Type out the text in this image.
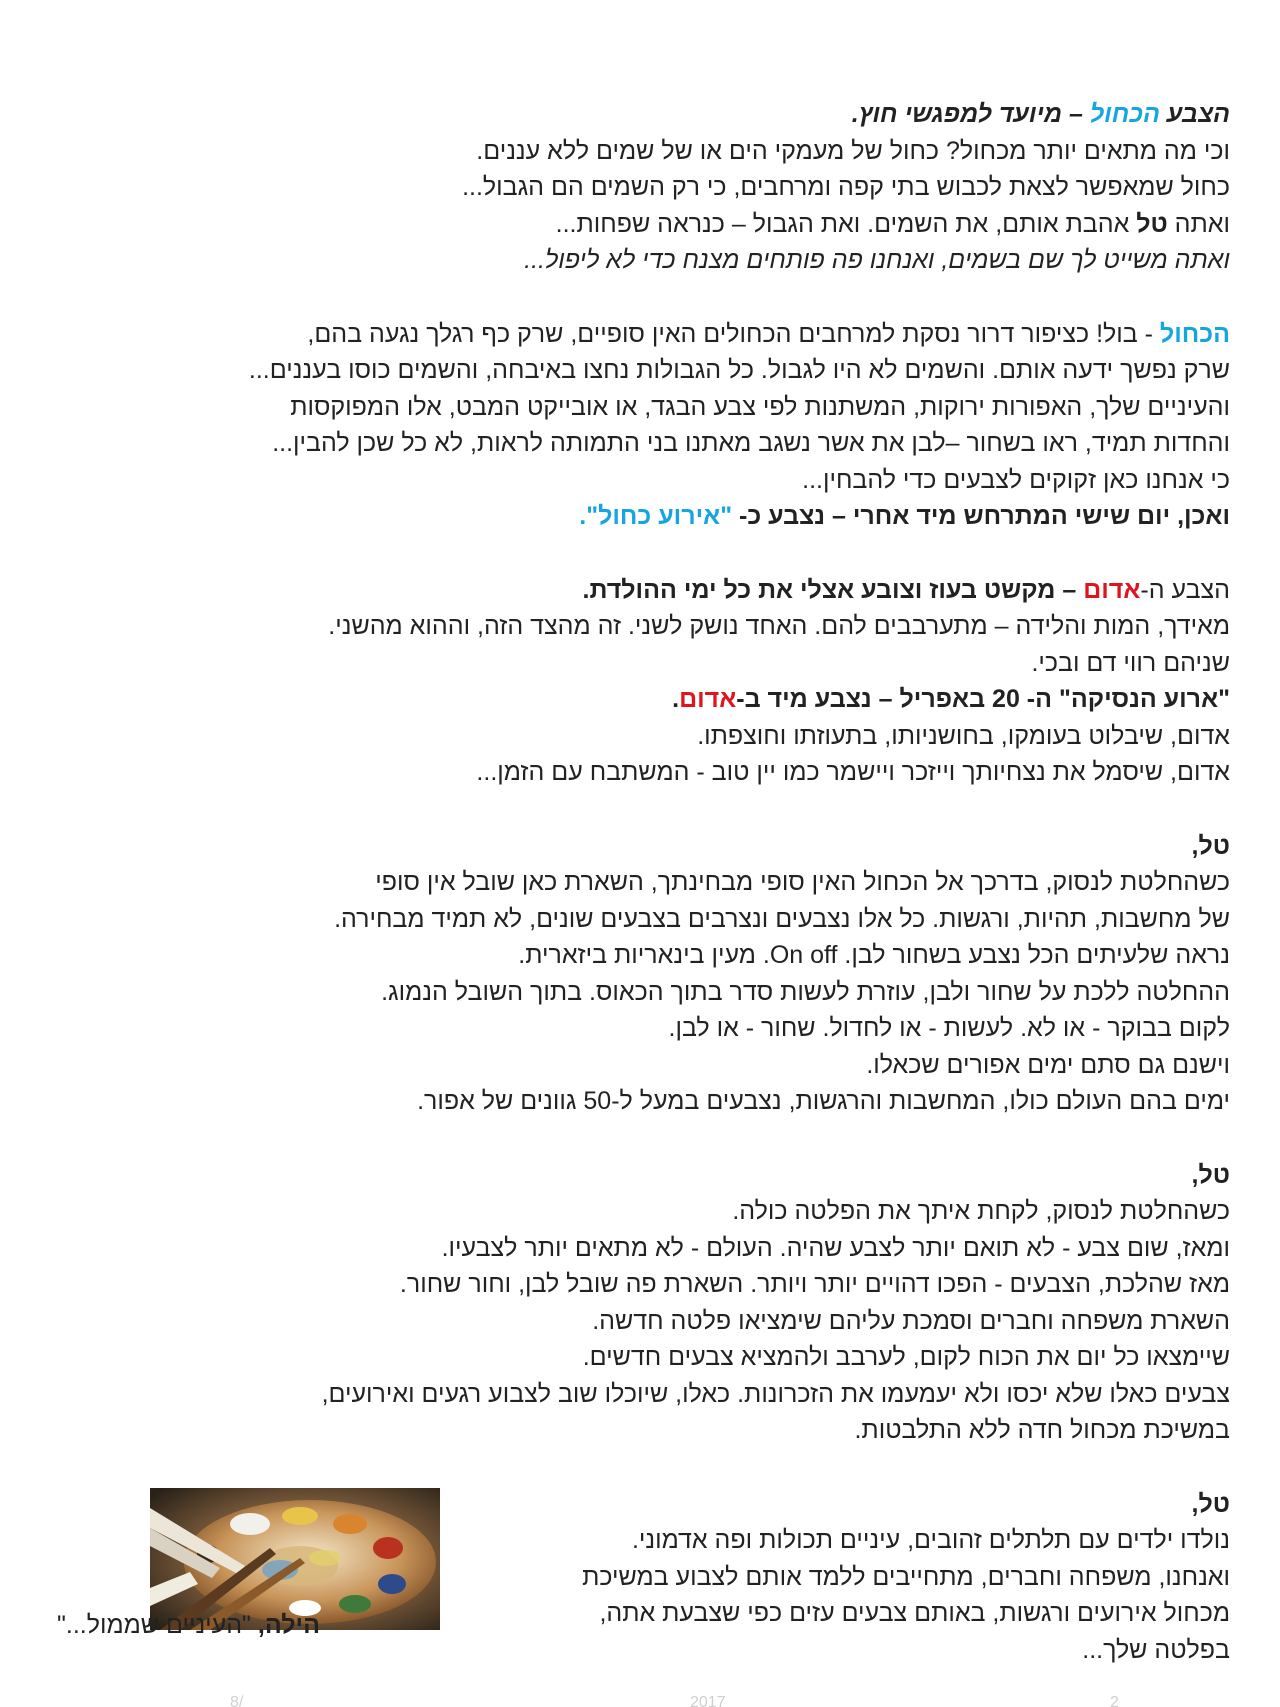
הצבע הכחול – מיועד למפגשי חוץ.
וכי מה מתאים יותר מכחול? כחול של מעמקי הים או של שמים ללא עננים.
כחול שמאפשר לצאת לכבוש בתי קפה ומרחבים, כי רק השמים הם הגבול...
ואתה טל אהבת אותם, את השמים. ואת הגבול – כנראה שפחות...
ואתה משייט לך שם בשמים, ואנחנו פה פותחים מצנח כדי לא ליפול...
הכחול - בול! כציפור דרור נסקת למרחבים הכחולים האין סופיים, שרק כף רגלך נגעה בהם,
שרק נפשך ידעה אותם. והשמים לא היו לגבול. כל הגבולות נחצו באיבחה, והשמים כוסו בעננים...
והעיניים שלך, האפורות ירוקות, המשתנות לפי צבע הבגד, או אובייקט המבט, אלו המפוקסות
והחדות תמיד, ראו בשחור –לבן את אשר נשגב מאתנו בני התמותה לראות, לא כל שכן להבין...
כי אנחנו כאן זקוקים לצבעים כדי להבחין...
ואכן, יום שישי המתרחש מיד אחרי – נצבע כ- "אירוע כחול".
הצבע ה-אדום – מקשט בעוז וצובע אצלי את כל ימי ההולדת.
מאידך, המות והלידה – מתערבבים להם. האחד נושק לשני. זה מהצד הזה, וההוא מהשני.
שניהם רווי דם ובכי.
"ארוע הנסיקה" ה- 20 באפריל – נצבע מיד ב-אדום.
אדום, שיבלוט בעומקו, בחושניותו, בתעוזתו וחוצפתו.
אדום, שיסמל את נצחיותך וייזכר ויישמר כמו יין טוב - המשתבח עם הזמן...
טל,
כשהחלטת לנסוק, בדרכך אל הכחול האין סופי מבחינתך, השארת כאן שובל אין סופי
של מחשבות, תהיות, ורגשות. כל אלו נצבעים ונצרבים בצבעים שונים, לא תמיד מבחירה.
נראה שלעיתים הכל נצבע בשחור לבן. On off. מעין בינאריות ביזארית.
ההחלטה ללכת על שחור ולבן, עוזרת לעשות סדר בתוך הכאוס. בתוך השובל הנמוג.
לקום בבוקר - או לא. לעשות - או לחדול. שחור - או לבן.
וישנם גם סתם ימים אפורים שכאלו.
ימים בהם העולם כולו, המחשבות והרגשות, נצבעים במעל ל-50 גוונים של אפור.
טל,
כשהחלטת לנסוק, לקחת איתך את הפלטה כולה.
ומאז, שום צבע - לא תואם יותר לצבע שהיה. העולם - לא מתאים יותר לצבעיו.
מאז שהלכת, הצבעים - הפכו דהויים יותר ויותר. השארת פה שובל לבן, וחור שחור.
השארת משפחה וחברים וסמכת עליהם שימציאו פלטה חדשה.
שיימצאו כל יום את הכוח לקום, לערבב ולהמציא צבעים חדשים.
צבעים כאלו שלא יכסו ולא יעמעמו את הזכרונות. כאלו, שיוכלו שוב לצבוע רגעים ואירועים,
במשיכת מכחול חדה ללא התלבטות.
טל,
נולדו ילדים עם תלתלים זהובים, עיניים תכולות ופה אדמוני.
ואנחנו, משפחה וחברים, מתחייבים ללמד אותם לצבוע במשיכת
מכחול אירועים ורגשות, באותם צבעים עזים כפי שצבעת אתה,
בפלטה שלך...
הילה, "העיניים שממול..."
8/	2017	2
